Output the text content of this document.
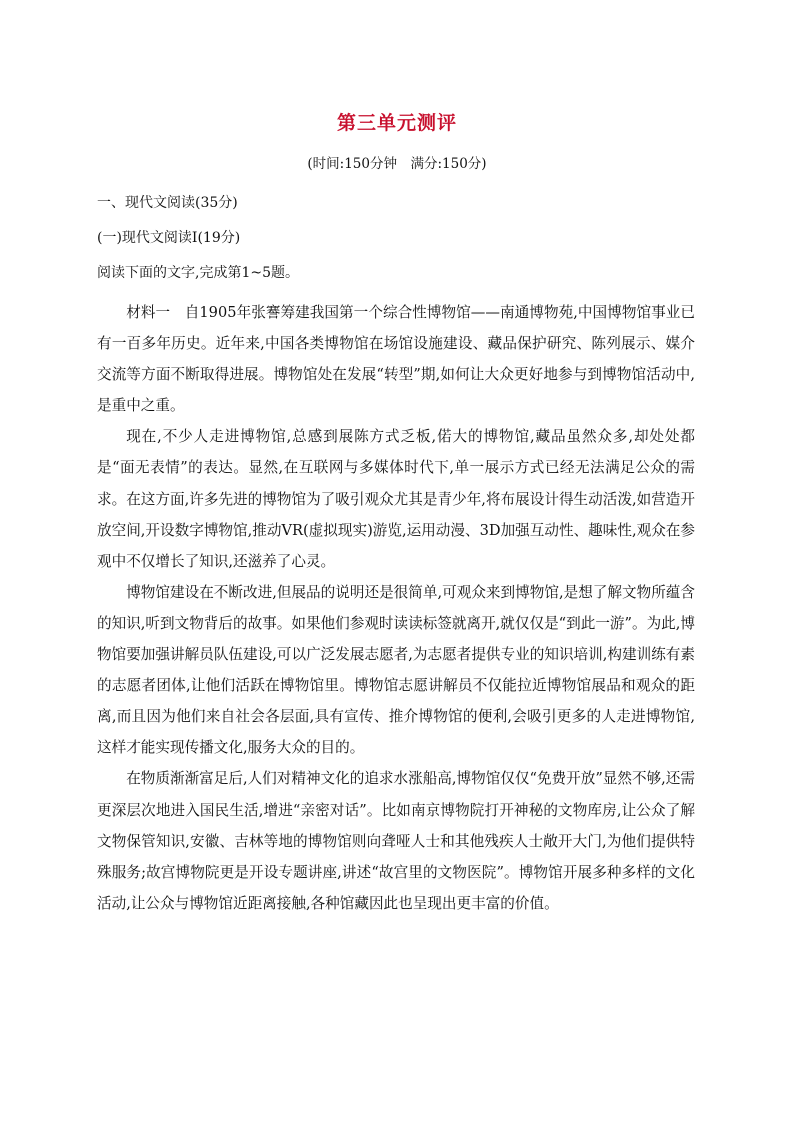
第三单元测评
(时间:150分钟　满分:150分)
一、现代文阅读(35分)
(一)现代文阅读Ⅰ(19分)
阅读下面的文字,完成第1~5题。

材料一　自1905年张謇筹建我国第一个综合性博物馆——南通博物苑,中国博物馆事业已有一百多年历史。近年来,中国各类博物馆在场馆设施建设、藏品保护研究、陈列展示、媒介交流等方面不断取得进展。博物馆处在发展“转型”期,如何让大众更好地参与到博物馆活动中,是重中之重。

现在,不少人走进博物馆,总感到展陈方式乏板,偌大的博物馆,藏品虽然众多,却处处都是“面无表情”的表达。显然,在互联网与多媒体时代下,单一展示方式已经无法满足公众的需求。在这方面,许多先进的博物馆为了吸引观众尤其是青少年,将布展设计得生动活泼,如营造开放空间,开设数字博物馆,推动VR(虚拟现实)游览,运用动漫、3D加强互动性、趣味性,观众在参观中不仅增长了知识,还滋养了心灵。

博物馆建设在不断改进,但展品的说明还是很简单,可观众来到博物馆,是想了解文物所蕴含的知识,听到文物背后的故事。如果他们参观时读读标签就离开,就仅仅是“到此一游”。为此,博物馆要加强讲解员队伍建设,可以广泛发展志愿者,为志愿者提供专业的知识培训,构建训练有素的志愿者团体,让他们活跃在博物馆里。博物馆志愿讲解员不仅能拉近博物馆展品和观众的距离,而且因为他们来自社会各层面,具有宣传、推介博物馆的便利,会吸引更多的人走进博物馆,这样才能实现传播文化,服务大众的目的。

在物质渐渐富足后,人们对精神文化的追求水涨船高,博物馆仅仅“免费开放”显然不够,还需更深层次地进入国民生活,增进“亲密对话”。比如南京博物院打开神秘的文物库房,让公众了解文物保管知识,安徽、吉林等地的博物馆则向聋哑人士和其他残疾人士敞开大门,为他们提供特殊服务;故宫博物院更是开设专题讲座,讲述“故宫里的文物医院”。博物馆开展多种多样的文化活动,让公众与博物馆近距离接触,各种馆藏因此也呈现出更丰富的价值。
